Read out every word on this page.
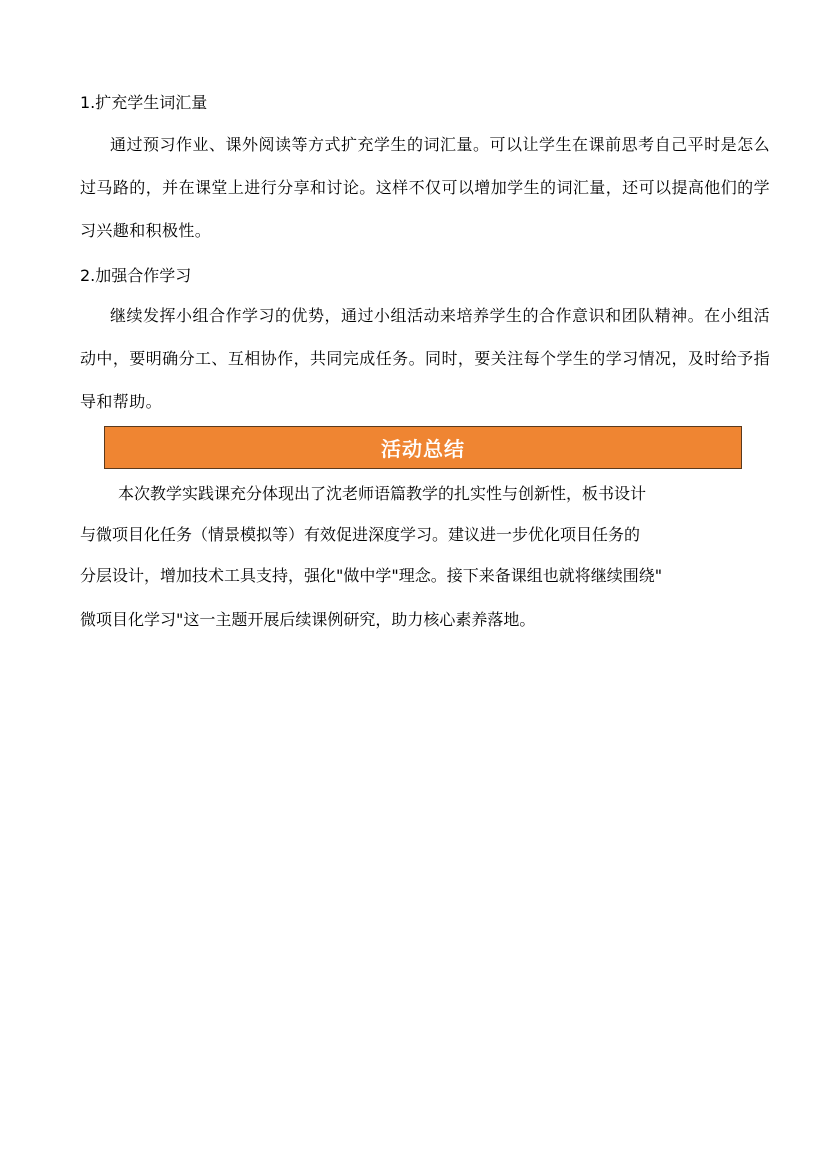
1.扩充学生词汇量
通过预习作业、课外阅读等方式扩充学生的词汇量。可以让学生在课前思考自己平时是怎么过马路的，并在课堂上进行分享和讨论。这样不仅可以增加学生的词汇量，还可以提高他们的学习兴趣和积极性。
2.加强合作学习
继续发挥小组合作学习的优势，通过小组活动来培养学生的合作意识和团队精神。在小组活动中，要明确分工、互相协作，共同完成任务。同时，要关注每个学生的学习情况，及时给予指导和帮助。
活动总结
本次教学实践课充分体现出了沈老师语篇教学的扎实性与创新性，板书设计
与微项目化任务（情景模拟等）有效促进深度学习。建议进一步优化项目任务的
分层设计，增加技术工具支持，强化"做中学"理念。接下来备课组也就将继续围绕"
微项目化学习"这一主题开展后续课例研究，助力核心素养落地。
